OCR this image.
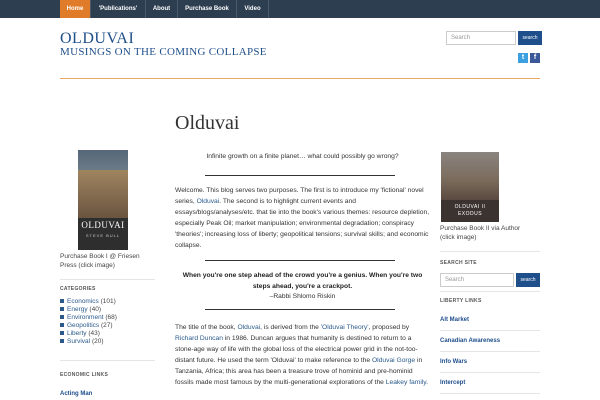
Home	'Publications'	About	Purchase Book	Video
OLDUVAI
MUSINGS ON THE COMING COLLAPSE
Search	search
t	f
Olduvai
OLDUVAI
STEVE BULL
Purchase Book I @ Friesen Press (click image)
CATEGORIES
Economics (101)
Energy (40)
Environment (68)
Geopolitics (27)
Liberty (43)
Survival (20)
ECONOMIC LINKS
Acting Man
Infinite growth on a finite planet… what could possibly go wrong?
Welcome. This blog serves two purposes. The first is to introduce my 'fictional' novel series, Olduvai. The second is to highlight current events and essays/blogs/analyses/etc. that tie into the book's various themes: resource depletion, especially Peak Oil; market manipulation; environmental degradation; conspiracy 'theories'; increasing loss of liberty; geopolitical tensions; survival skills; and economic collapse.
When you're one step ahead of the crowd you're a genius. When you're two steps ahead, you're a crackpot.
–Rabbi Shlomo Riskin
The title of the book, Olduvai, is derived from the 'Olduvai Theory', proposed by Richard Duncan in 1986. Duncan argues that humanity is destined to return to a stone-age way of life with the global loss of the electrical power grid in the not-too-distant future. He used the term 'Olduvai' to make reference to the Olduvai Gorge in Tanzania, Africa; this area has been a treasure trove of hominid and pre-hominid fossils made most famous by the multi-generational explorations of the Leakey family.
OLDUVAI II
EXODUS
Purchase Book II via Author (click image)
SEARCH SITE
Search	search
LIBERTY LINKS
Alt Market
Canadian Awareness
Info Wars
Intercept
